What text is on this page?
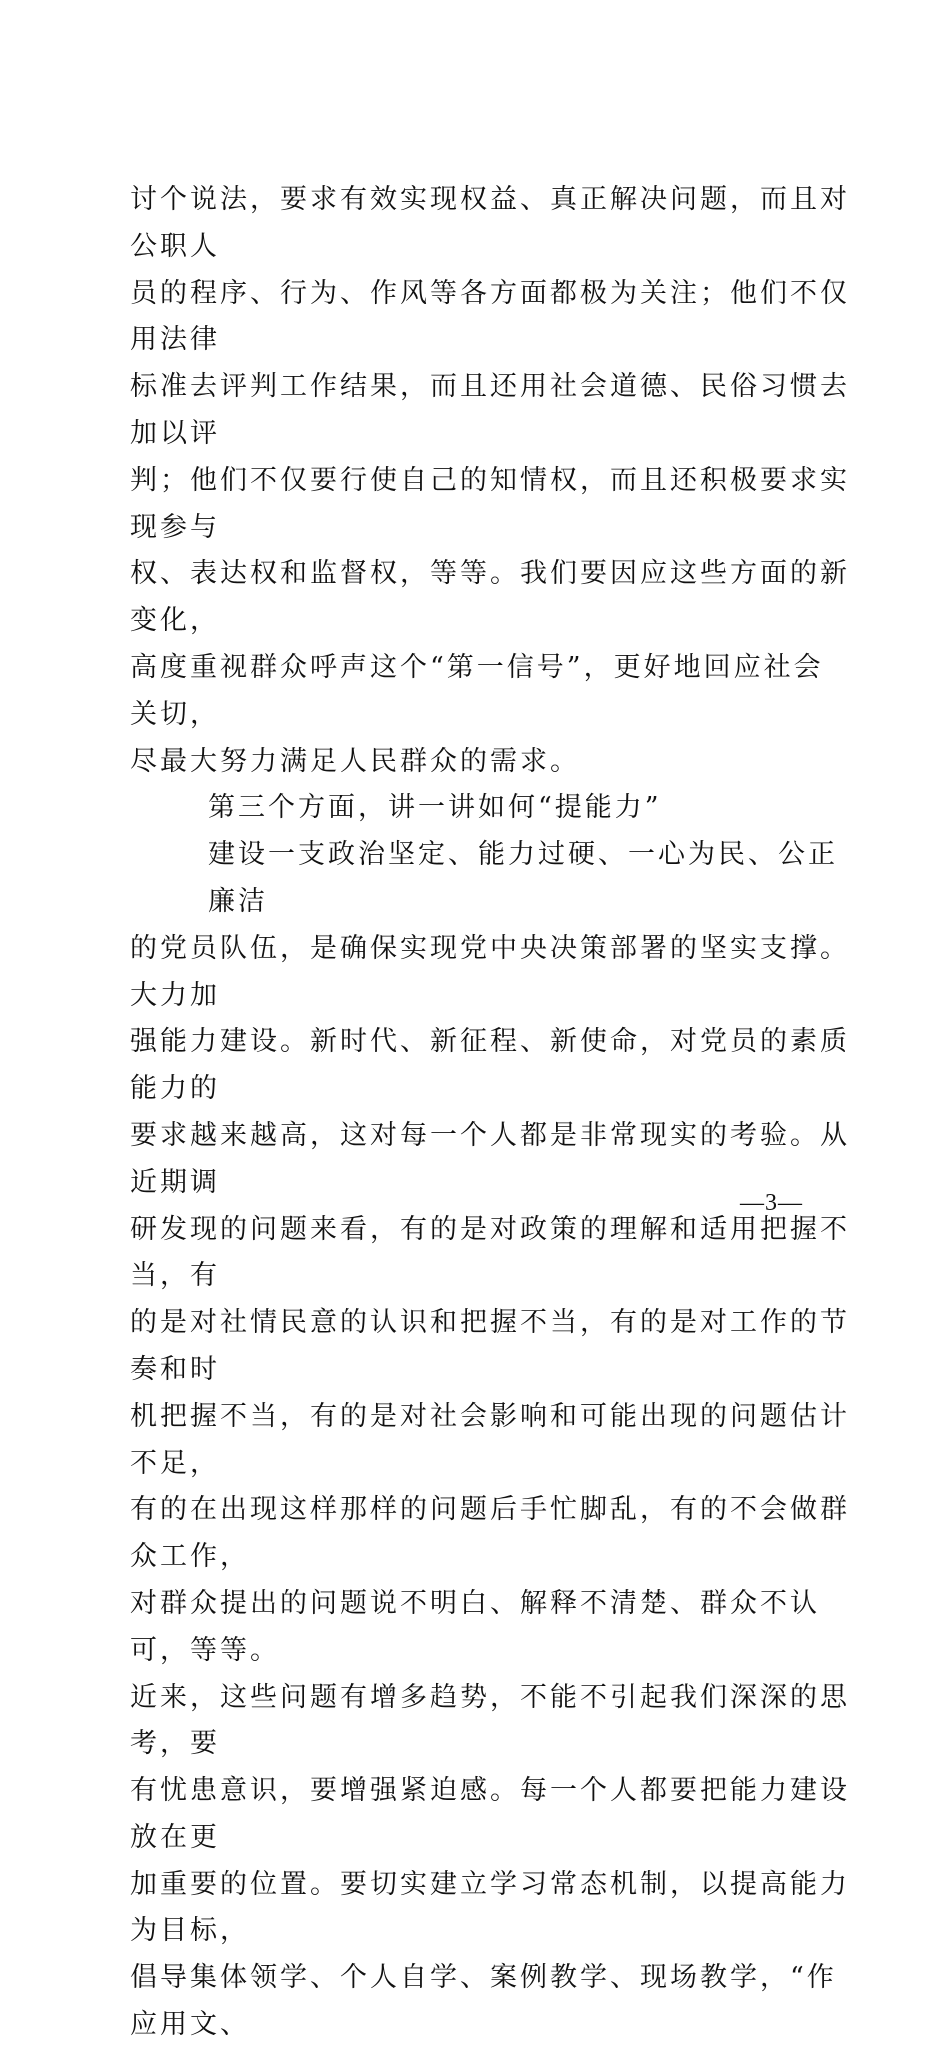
讨个说法，要求有效实现权益、真正解决问题，而且对公职人
员的程序、行为、作风等各方面都极为关注；他们不仅用法律
标准去评判工作结果，而且还用社会道德、民俗习惯去加以评
判；他们不仅要行使自己的知情权，而且还积极要求实现参与
权、表达权和监督权，等等。我们要因应这些方面的新变化，
高度重视群众呼声这个“第一信号”，更好地回应社会关切，
尽最大努力满足人民群众的需求。
第三个方面，讲一讲如何“提能力”
建设一支政治坚定、能力过硬、一心为民、公正廉洁
的党员队伍，是确保实现党中央决策部署的坚实支撑。大力加
强能力建设。新时代、新征程、新使命，对党员的素质能力的
要求越来越高，这对每一个人都是非常现实的考验。从近期调
研发现的问题来看，有的是对政策的理解和适用把握不当，有
的是对社情民意的认识和把握不当，有的是对工作的节奏和时
机把握不当，有的是对社会影响和可能出现的问题估计不足，
有的在出现这样那样的问题后手忙脚乱，有的不会做群众工作，
对群众提出的问题说不明白、解释不清楚、群众不认可，等等。
近来，这些问题有增多趋势，不能不引起我们深深的思考，要
有忧患意识，要增强紧迫感。每一个人都要把能力建设放在更
加重要的位置。要切实建立学习常态机制，以提高能力为目标，
倡导集体领学、个人自学、案例教学、现场教学，“作应用文、
—3—
